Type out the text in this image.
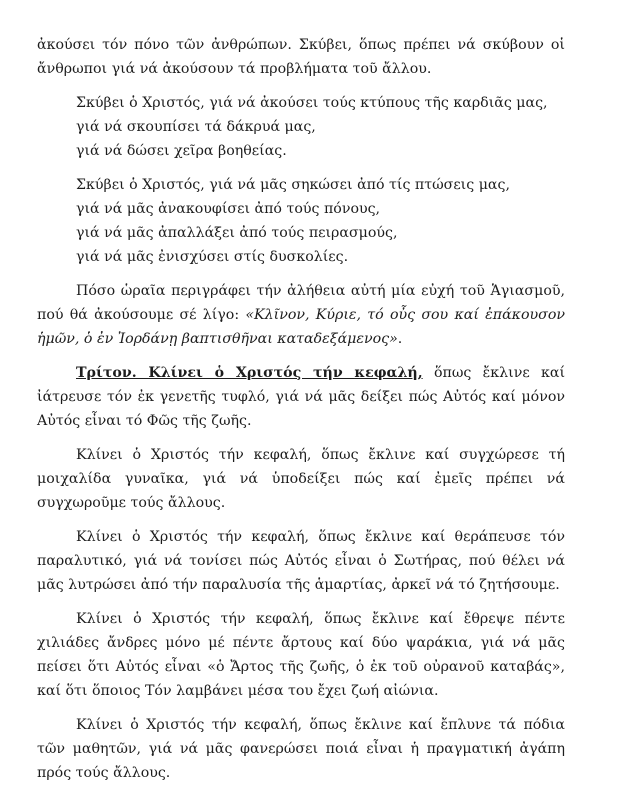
ἀκούσει τόν πόνο τῶν ἀνθρώπων. Σκύβει, ὅπως πρέπει νά σκύβουν οἱ ἄνθρωποι γιά νά ἀκούσουν τά προβλήματα τοῦ ἄλλου.

Σκύβει ὁ Χριστός, γιά νά ἀκούσει τούς κτύπους τῆς καρδιᾶς μας,
γιά νά σκουπίσει τά δάκρυά μας,
γιά νά δώσει χεῖρα βοηθείας.
Σκύβει ὁ Χριστός, γιά νά μᾶς σηκώσει ἀπό τίς πτώσεις μας,
γιά νά μᾶς ἀνακουφίσει ἀπό τούς πόνους,
γιά νά μᾶς ἀπαλλάξει ἀπό τούς πειρασμούς,
γιά νά μᾶς ἐνισχύσει στίς δυσκολίες.

Πόσο ὡραῖα περιγράφει τήν ἀλήθεια αὐτή μία εὐχή τοῦ Ἁγιασμοῦ, πού θά ἀκούσουμε σέ λίγο: «Κλῖνον, Κύριε, τό οὖς σου καί ἐπάκουσον ἡμῶν, ὁ ἐν Ἰορδάνῃ βαπτισθῆναι καταδεξάμενος».

Τρίτον. Κλίνει ὁ Χριστός τήν κεφαλή, ὅπως ἔκλινε καί ἰάτρευσε τόν ἐκ γενετῆς τυφλό, γιά νά μᾶς δείξει πώς Αὐτός καί μόνον Αὐτός εἶναι τό Φῶς τῆς ζωῆς.

Κλίνει ὁ Χριστός τήν κεφαλή, ὅπως ἔκλινε καί συγχώρεσε τή μοιχαλίδα γυναῖκα, γιά νά ὑποδείξει πώς καί ἐμεῖς πρέπει νά συγχωροῦμε τούς ἄλλους.

Κλίνει ὁ Χριστός τήν κεφαλή, ὅπως ἔκλινε καί θεράπευσε τόν παραλυτικό, γιά νά τονίσει πώς Αὐτός εἶναι ὁ Σωτήρας, πού θέλει νά μᾶς λυτρώσει ἀπό τήν παραλυσία τῆς ἁμαρτίας, ἀρκεῖ νά τό ζητήσουμε.

Κλίνει ὁ Χριστός τήν κεφαλή, ὅπως ἔκλινε καί ἔθρεψε πέντε χιλιάδες ἄνδρες μόνο μέ πέντε ἄρτους καί δύο ψαράκια, γιά νά μᾶς πείσει ὅτι Αὐτός εἶναι «ὁ Ἄρτος τῆς ζωῆς, ὁ ἐκ τοῦ οὐρανοῦ καταβάς», καί ὅτι ὅποιος Τόν λαμβάνει μέσα του ἔχει ζωή αἰώνια.

Κλίνει ὁ Χριστός τήν κεφαλή, ὅπως ἔκλινε καί ἔπλυνε τά πόδια τῶν μαθητῶν, γιά νά μᾶς φανερώσει ποιά εἶναι ἡ πραγματική ἀγάπη πρός τούς ἄλλους.
